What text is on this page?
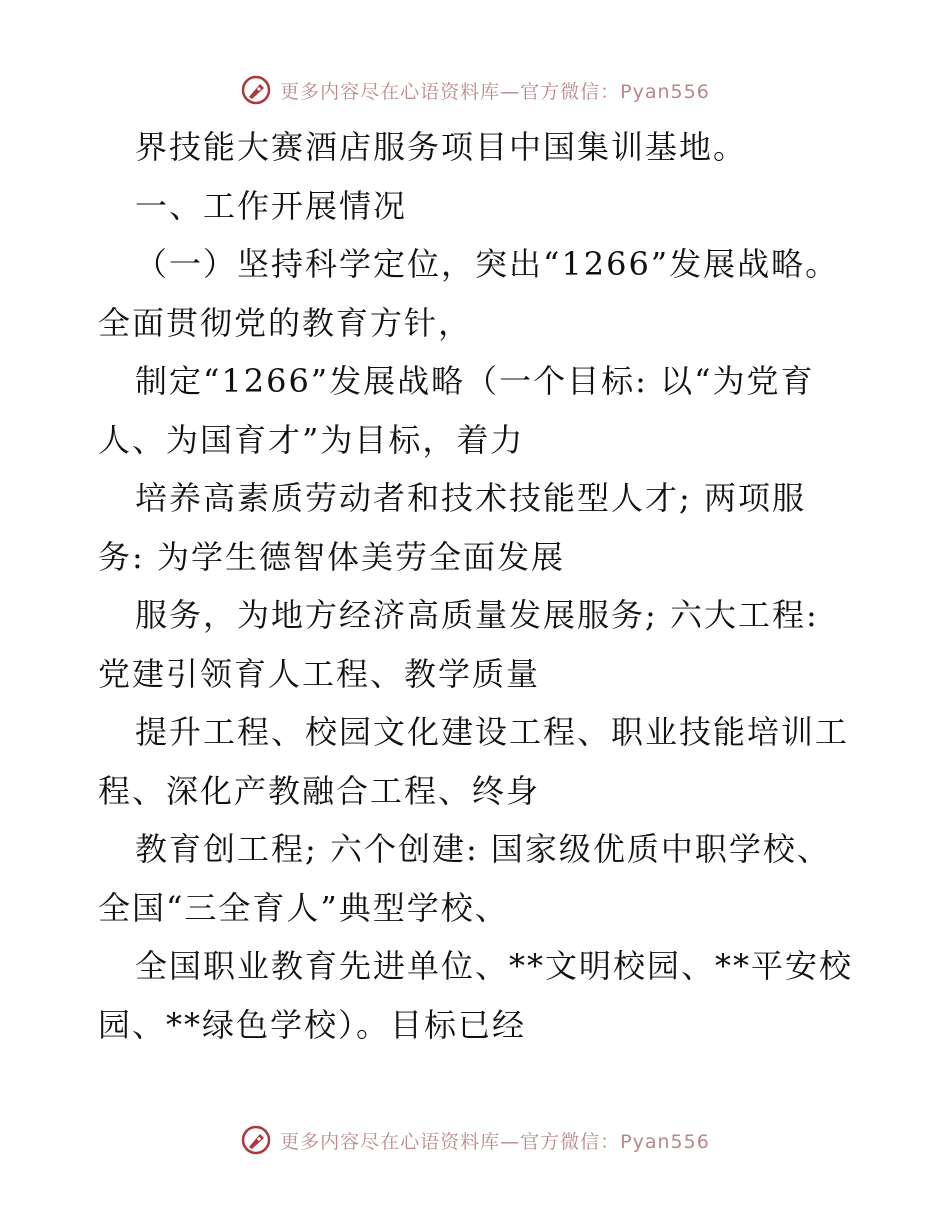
更多内容尽在心语资料库—官方微信：Pyan556
界技能大赛酒店服务项目中国集训基地。
一、工作开展情况
（一）坚持科学定位，突出“1266”发展战略。
全面贯彻党的教育方针，
制定“1266”发展战略（一个目标: 以“为党育
人、为国育才”为目标，着力
培养高素质劳动者和技术技能型人才; 两项服
务: 为学生德智体美劳全面发展
服务，为地方经济高质量发展服务; 六大工程:
党建引领育人工程、教学质量
提升工程、校园文化建设工程、职业技能培训工
程、深化产教融合工程、终身
教育创工程; 六个创建: 国家级优质中职学校、
全国“三全育人”典型学校、
全国职业教育先进单位、**文明校园、**平安校
园、**绿色学校）。目标已经
更多内容尽在心语资料库—官方微信：Pyan556
